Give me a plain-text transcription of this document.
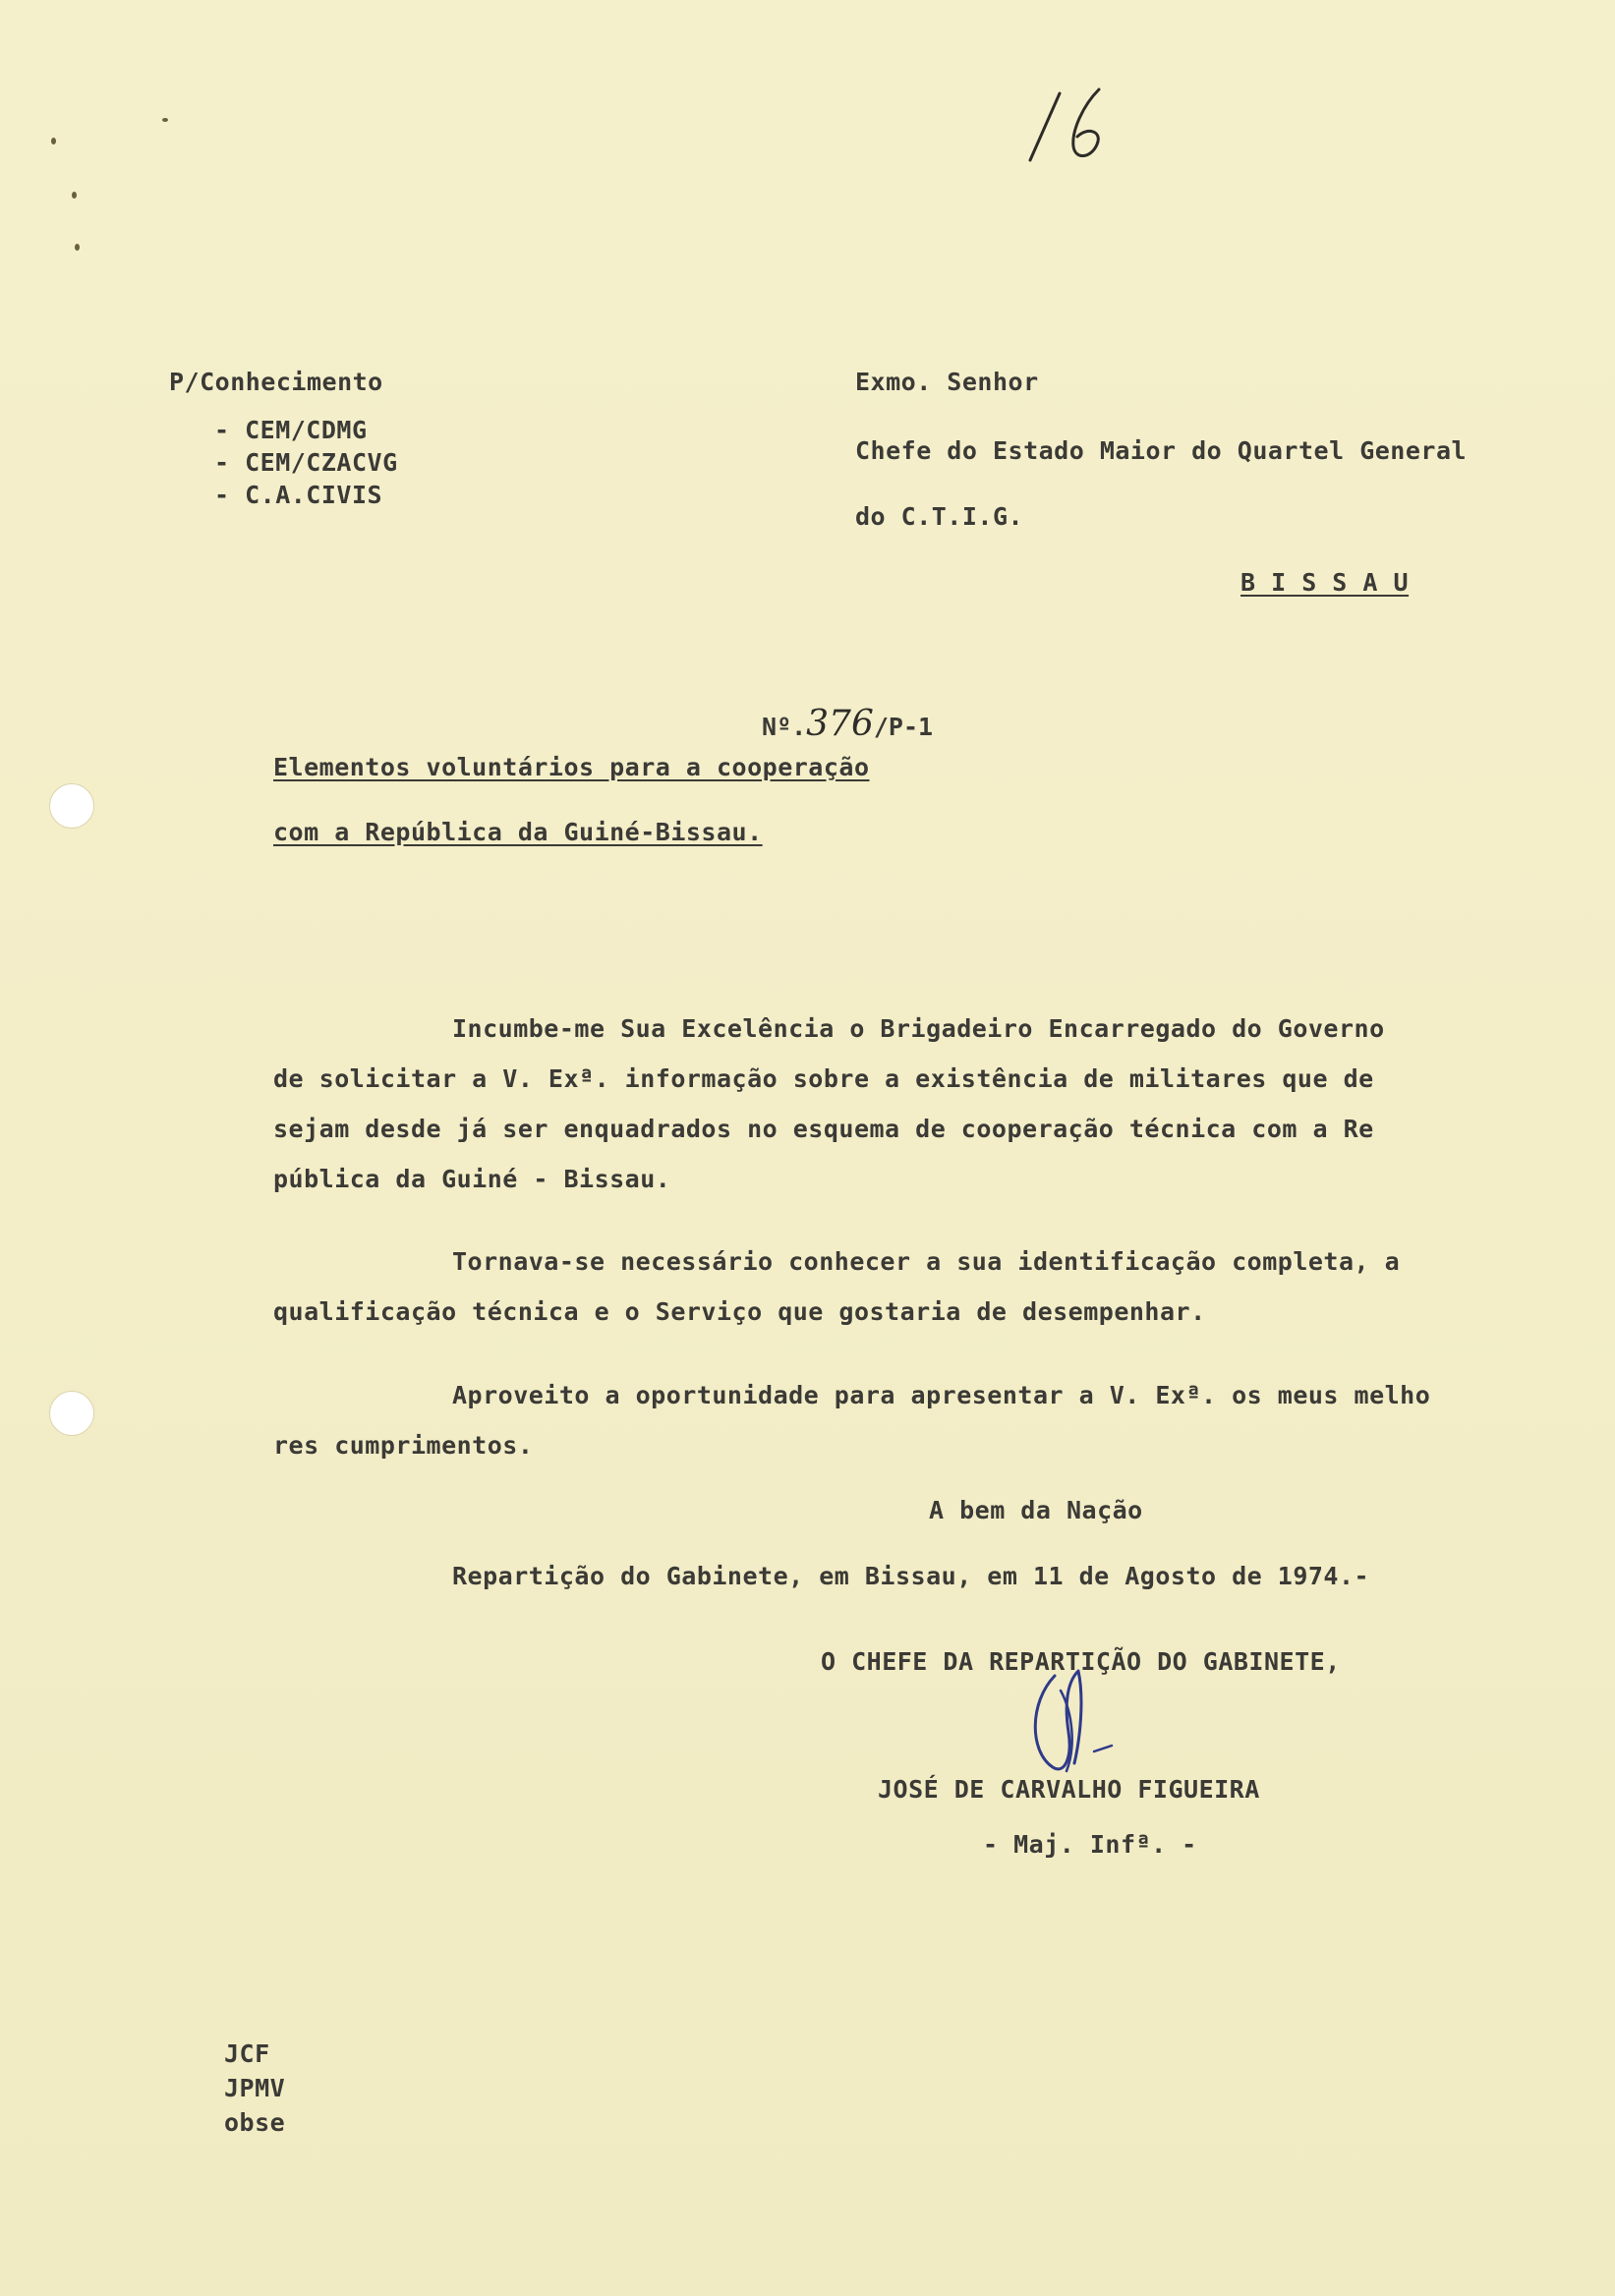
P/Conhecimento
- CEM/CDMG
- CEM/CZACVG
- C.A.CIVIS
Exmo. Senhor
Chefe do Estado Maior do Quartel General
do C.T.I.G.
B I S S A U
Nº.376/P-1
Elementos voluntários para a cooperação
com a República da Guiné-Bissau.
Incumbe-me Sua Excelência o Brigadeiro Encarregado do Governo
de solicitar a V. Exª. informação sobre a existência de militares que de
sejam desde já ser enquadrados no esquema de cooperação técnica com a Re
pública da Guiné - Bissau.
Tornava-se necessário conhecer a sua identificação completa, a
qualificação técnica e o Serviço que gostaria de desempenhar.
Aproveito a oportunidade para apresentar a V. Exª. os meus melho
res cumprimentos.
A bem da Nação
Repartição do Gabinete, em Bissau, em 11 de Agosto de 1974.-
O CHEFE DA REPARTIÇÃO DO GABINETE,
JOSÉ DE CARVALHO FIGUEIRA
- Maj. Infª. -
JCF
JPMV
obse
